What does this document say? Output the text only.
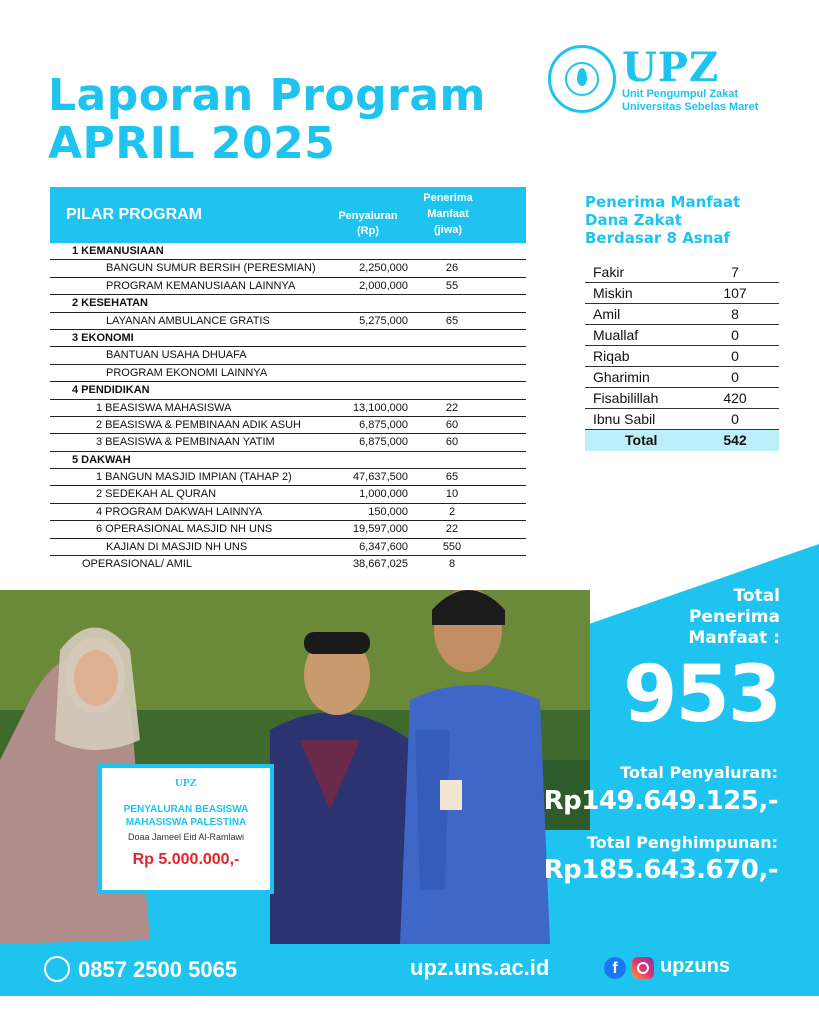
Laporan Program
APRIL 2025
UPZ
Unit Pengumpul Zakat
Universitas Sebelas Maret
PILAR PROGRAM	Penyaluran
(Rp)
Penerima
Manfaat
(jiwa)
1 KEMANUSIAAN
BANGUN SUMUR BERSIH (PERESMIAN)	2,250,000	26
PROGRAM KEMANUSIAAN LAINNYA	2,000,000	55
2 KESEHATAN
LAYANAN AMBULANCE GRATIS	5,275,000	65
3 EKONOMI
BANTUAN USAHA DHUAFA
PROGRAM EKONOMI LAINNYA
4 PENDIDIKAN
1 BEASISWA MAHASISWA	13,100,000	22
2 BEASISWA & PEMBINAAN ADIK ASUH	6,875,000	60
3 BEASISWA & PEMBINAAN YATIM	6,875,000	60
5 DAKWAH
1 BANGUN MASJID IMPIAN (TAHAP 2)	47,637,500	65
2 SEDEKAH AL QURAN	1,000,000	10
4 PROGRAM DAKWAH LAINNYA	150,000	2
6 OPERASIONAL MASJID NH UNS	19,597,000	22
KAJIAN DI MASJID NH UNS	6,347,600	550
OPERASIONAL/ AMIL	38,667,025	8
Penerima Manfaat
Dana Zakat
Berdasar 8 Asnaf
Fakir	7
Miskin	107
Amil	8
Muallaf	0
Riqab	0
Gharimin	0
Fisabilillah	420
Ibnu Sabil	0
Total	542
UPZ
PENYALURAN BEASISWA
MAHASISWA PALESTINA
Doaa Jameel Eid Al-Ramlawi
Rp 5.000.000,-
Total
Penerima
Manfaat :
953
Total Penyaluran:
Rp149.649.125,-
Total Penghimpunan:
Rp185.643.670,-
0857 2500 5065	upz.uns.ac.id	f	upzuns
